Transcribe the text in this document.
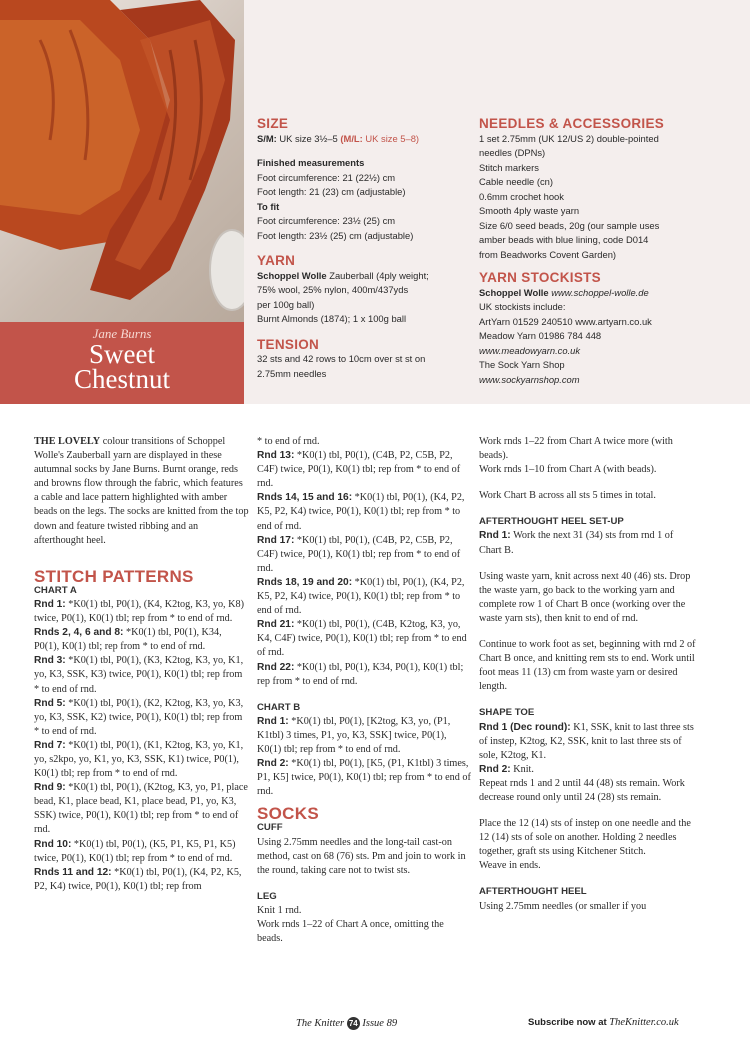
Jane Burns
Sweet
Chestnut
SIZE

S/M: UK size 3½–5 (M/L: UK size 5–8)

Finished measurements

Foot circumference: 21 (22½) cm

Foot length: 21 (23) cm (adjustable)

To fit

Foot circumference: 23½ (25) cm

Foot length: 23½ (25) cm (adjustable)

YARN

Schoppel Wolle Zauberball (4ply weight;

75% wool, 25% nylon, 400m/437yds

per 100g ball)

Burnt Almonds (1874); 1 x 100g ball

TENSION

32 sts and 42 rows to 10cm over st st on

2.75mm needles

NEEDLES & ACCESSORIES

1 set 2.75mm (UK 12/US 2) double-pointed

needles (DPNs)

Stitch markers

Cable needle (cn)

0.6mm crochet hook

Smooth 4ply waste yarn

Size 6/0 seed beads, 20g (our sample uses

amber beads with blue lining, code D014

from Beadworks Covent Garden)

YARN STOCKISTS

Schoppel Wolle www.schoppel-wolle.de

UK stockists include:

ArtYarn 01529 240510 www.artyarn.co.uk

Meadow Yarn 01986 784 448

www.meadowyarn.co.uk

The Sock Yarn Shop

www.sockyarnshop.com

THE LOVELY colour transitions of Schoppel Wolle's Zauberball yarn are displayed in these autumnal socks by Jane Burns. Burnt orange, reds and browns flow through the fabric, which features a cable and lace pattern highlighted with amber beads on the legs. The socks are knitted from the top down and feature twisted ribbing and an afterthought heel.

STITCH PATTERNS
CHART A

Rnd 1: *K0(1) tbl, P0(1), (K4, K2tog, K3, yo, K8) twice, P0(1), K0(1) tbl; rep from * to end of rnd.

Rnds 2, 4, 6 and 8: *K0(1) tbl, P0(1), K34, P0(1), K0(1) tbl; rep from * to end of rnd.

Rnd 3: *K0(1) tbl, P0(1), (K3, K2tog, K3, yo, K1, yo, K3, SSK, K3) twice, P0(1), K0(1) tbl; rep from * to end of rnd.

Rnd 5: *K0(1) tbl, P0(1), (K2, K2tog, K3, yo, K3, yo, K3, SSK, K2) twice, P0(1), K0(1) tbl; rep from * to end of rnd.

Rnd 7: *K0(1) tbl, P0(1), (K1, K2tog, K3, yo, K1, yo, s2kpo, yo, K1, yo, K3, SSK, K1) twice, P0(1), K0(1) tbl; rep from * to end of rnd.

Rnd 9: *K0(1) tbl, P0(1), (K2tog, K3, yo, P1, place bead, K1, place bead, K1, place bead, P1, yo, K3, SSK) twice, P0(1), K0(1) tbl; rep from * to end of rnd.

Rnd 10: *K0(1) tbl, P0(1), (K5, P1, K5, P1, K5) twice, P0(1), K0(1) tbl; rep from * to end of rnd.

Rnds 11 and 12: *K0(1) tbl, P0(1), (K4, P2, K5, P2, K4) twice, P0(1), K0(1) tbl; rep from

* to end of rnd.

Rnd 13: *K0(1) tbl, P0(1), (C4B, P2, C5B, P2, C4F) twice, P0(1), K0(1) tbl; rep from * to end of rnd.

Rnds 14, 15 and 16: *K0(1) tbl, P0(1), (K4, P2, K5, P2, K4) twice, P0(1), K0(1) tbl; rep from * to end of rnd.

Rnd 17: *K0(1) tbl, P0(1), (C4B, P2, C5B, P2, C4F) twice, P0(1), K0(1) tbl; rep from * to end of rnd.

Rnds 18, 19 and 20: *K0(1) tbl, P0(1), (K4, P2, K5, P2, K4) twice, P0(1), K0(1) tbl; rep from * to end of rnd.

Rnd 21: *K0(1) tbl, P0(1), (C4B, K2tog, K3, yo, K4, C4F) twice, P0(1), K0(1) tbl; rep from * to end of rnd.

Rnd 22: *K0(1) tbl, P0(1), K34, P0(1), K0(1) tbl; rep from * to end of rnd.

CHART B

Rnd 1: *K0(1) tbl, P0(1), [K2tog, K3, yo, (P1, K1tbl) 3 times, P1, yo, K3, SSK] twice, P0(1), K0(1) tbl; rep from * to end of rnd.

Rnd 2: *K0(1) tbl, P0(1), [K5, (P1, K1tbl) 3 times, P1, K5] twice, P0(1), K0(1) tbl; rep from * to end of rnd.

SOCKS
CUFF

Using 2.75mm needles and the long-tail cast-on method, cast on 68 (76) sts. Pm and join to work in the round, taking care not to twist sts.

LEG

Knit 1 rnd.

Work rnds 1–22 of Chart A once, omitting the beads.

Work rnds 1–22 from Chart A twice more (with beads).

Work rnds 1–10 from Chart A (with beads).

Work Chart B across all sts 5 times in total.

AFTERTHOUGHT HEEL SET-UP

Rnd 1: Work the next 31 (34) sts from rnd 1 of Chart B.

Using waste yarn, knit across next 40 (46) sts. Drop the waste yarn, go back to the working yarn and complete row 1 of Chart B once (working over the waste yarn sts), then knit to end of rnd.

Continue to work foot as set, beginning with rnd 2 of Chart B once, and knitting rem sts to end. Work until foot meas 11 (13) cm from waste yarn or desired length.

SHAPE TOE

Rnd 1 (Dec round): K1, SSK, knit to last three sts of instep, K2tog, K2, SSK, knit to last three sts of sole, K2tog, K1.

Rnd 2: Knit.

Repeat rnds 1 and 2 until 44 (48) sts remain. Work decrease round only until 24 (28) sts remain.

Place the 12 (14) sts of instep on one needle and the 12 (14) sts of sole on another. Holding 2 needles together, graft sts using Kitchener Stitch.

Weave in ends.

AFTERTHOUGHT HEEL

Using 2.75mm needles (or smaller if you

The Knitter 74 Issue 89	Subscribe now at TheKnitter.co.uk
